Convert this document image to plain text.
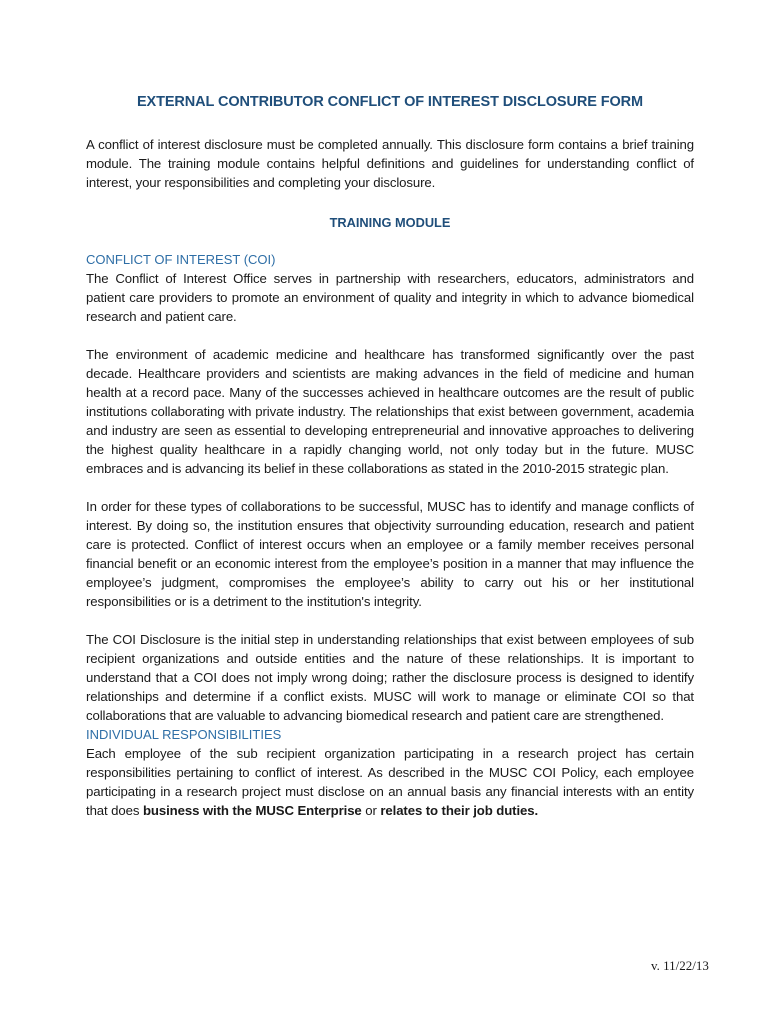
EXTERNAL CONTRIBUTOR CONFLICT OF INTEREST DISCLOSURE FORM

A conflict of interest disclosure must be completed annually. This disclosure form contains a brief training module. The training module contains helpful definitions and guidelines for understanding conflict of interest, your responsibilities and completing your disclosure.

TRAINING MODULE
CONFLICT OF INTEREST (COI)

The Conflict of Interest Office serves in partnership with researchers, educators, administrators and patient care providers to promote an environment of quality and integrity in which to advance biomedical research and patient care.

The environment of academic medicine and healthcare has transformed significantly over the past decade. Healthcare providers and scientists are making advances in the field of medicine and human health at a record pace. Many of the successes achieved in healthcare outcomes are the result of public institutions collaborating with private industry. The relationships that exist between government, academia and industry are seen as essential to developing entrepreneurial and innovative approaches to delivering the highest quality healthcare in a rapidly changing world, not only today but in the future. MUSC embraces and is advancing its belief in these collaborations as stated in the 2010-2015 strategic plan.

In order for these types of collaborations to be successful, MUSC has to identify and manage conflicts of interest. By doing so, the institution ensures that objectivity surrounding education, research and patient care is protected. Conflict of interest occurs when an employee or a family member receives personal financial benefit or an economic interest from the employee’s position in a manner that may influence the employee’s judgment, compromises the employee’s ability to carry out his or her institutional responsibilities or is a detriment to the institution's integrity.

The COI Disclosure is the initial step in understanding relationships that exist between employees of sub recipient organizations and outside entities and the nature of these relationships. It is important to understand that a COI does not imply wrong doing; rather the disclosure process is designed to identify relationships and determine if a conflict exists. MUSC will work to manage or eliminate COI so that collaborations that are valuable to advancing biomedical research and patient care are strengthened.

INDIVIDUAL RESPONSIBILITIES

Each employee of the sub recipient organization participating in a research project has certain responsibilities pertaining to conflict of interest. As described in the MUSC COI Policy, each employee participating in a research project must disclose on an annual basis any financial interests with an entity that does business with the MUSC Enterprise or relates to their job duties.

v. 11/22/13
